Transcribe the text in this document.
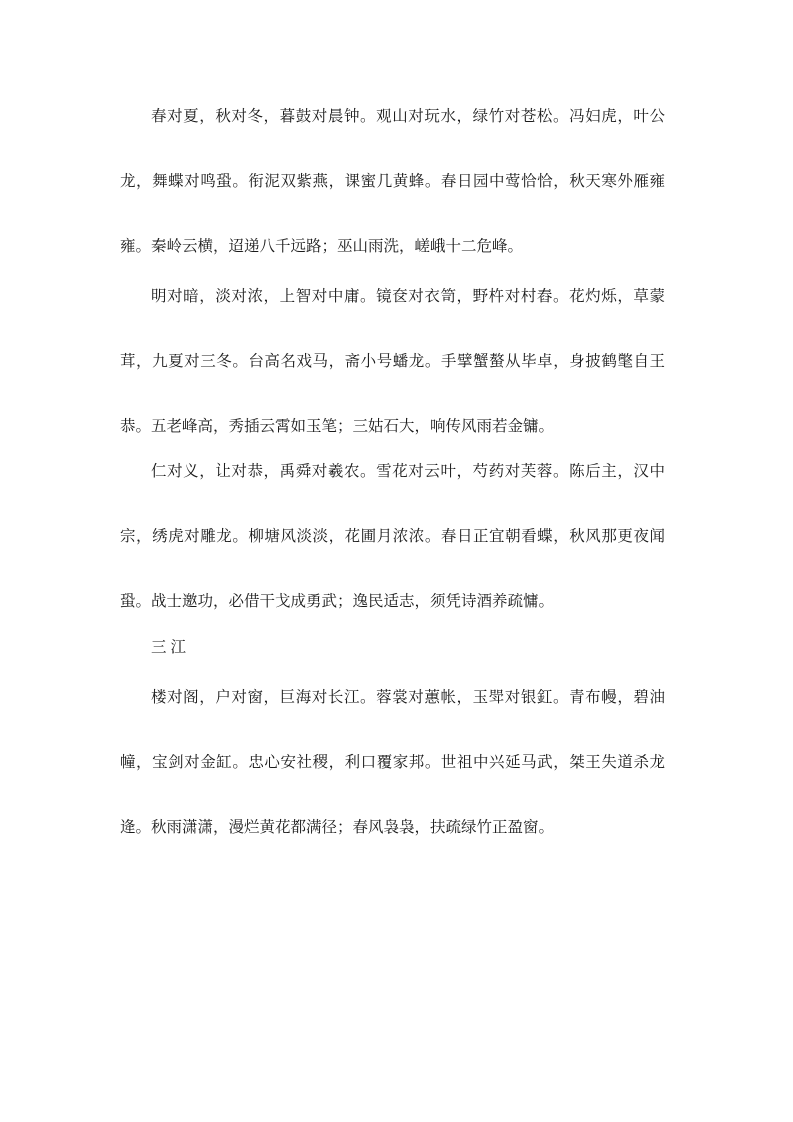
春对夏，秋对冬，暮鼓对晨钟。观山对玩水，绿竹对苍松。冯妇虎，叶公
龙，舞蝶对鸣蛩。衔泥双紫燕，课蜜几黄蜂。春日园中莺恰恰，秋天寒外雁雍
雍。秦岭云横，迢递八千远路；巫山雨洗，嵯峨十二危峰。

明对暗，淡对浓，上智对中庸。镜奁对衣笥，野杵对村舂。花灼烁，草蒙
茸，九夏对三冬。台高名戏马，斋小号蟠龙。手擘蟹螯从毕卓，身披鹤氅自王
恭。五老峰高，秀插云霄如玉笔；三姑石大，响传风雨若金镛。

仁对义，让对恭，禹舜对羲农。雪花对云叶，芍药对芙蓉。陈后主，汉中
宗，绣虎对雕龙。柳塘风淡淡，花圃月浓浓。春日正宜朝看蝶，秋风那更夜闻
蛩。战士邀功，必借干戈成勇武；逸民适志，须凭诗酒养疏慵。

三江

楼对阁，户对窗，巨海对长江。蓉裳对蕙帐，玉斝对银釭。青布幔，碧油
幢，宝剑对金缸。忠心安社稷，利口覆家邦。世祖中兴延马武，桀王失道杀龙
逄。秋雨潇潇，漫烂黄花都满径；春风袅袅，扶疏绿竹正盈窗。
